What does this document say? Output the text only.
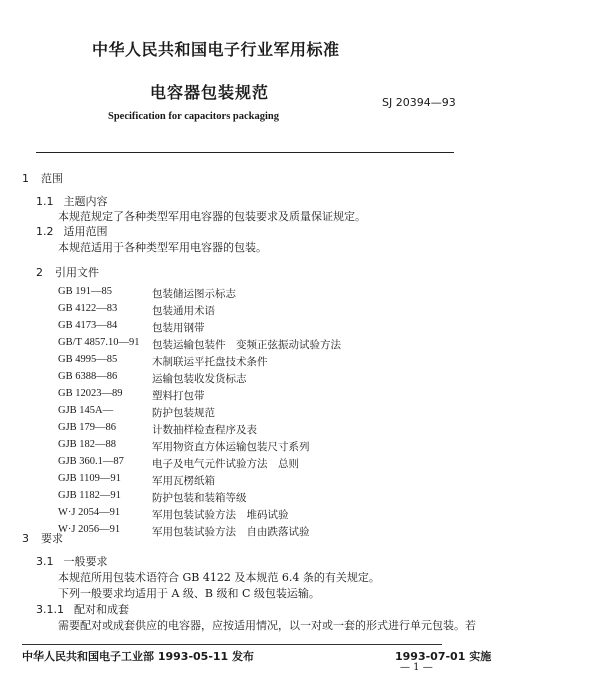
中华人民共和国电子行业军用标准
电容器包装规范
SJ 20394—93
Specification for capacitors packaging
1 范围
1.1 主题内容
本规范规定了各种类型军用电容器的包装要求及质量保证规定。
1.2 适用范围
本规范适用于各种类型军用电容器的包装。
2 引用文件
GB 191—85	包装储运图示标志
GB 4122—83	包装通用术语
GB 4173—84	包装用钢带
GB/T 4857.10—91 包装运输包装件　变频正弦振动试验方法
GB 4995—85	木制联运平托盘技术条件
GB 6388—86	运输包装收发货标志
GB 12023—89	塑料打包带
GJB 145A—	防护包装规范
GJB 179—86	计数抽样检查程序及表
GJB 182—88	军用物资直方体运输包装尺寸系列
GJB 360.1—87	电子及电气元件试验方法　总则
GJB 1109—91	军用瓦楞纸箱
GJB 1182—91	防护包装和装箱等级
W·J 2054—91	军用包装试验方法　堆码试验
W·J 2056—91	军用包装试验方法　自由跌落试验
3 要求
3.1 一般要求
本规范所用包装术语符合 GB 4122 及本规范 6.4 条的有关规定。
下列一般要求均适用于 A 级、B 级和 C 级包装运输。
3.1.1 配对和成套
需要配对或成套供应的电容器，应按适用情况，以一对或一套的形式进行单元包装。若
中华人民共和国电子工业部 1993-05-11 发布	1993-07-01 实施
— 1 —
